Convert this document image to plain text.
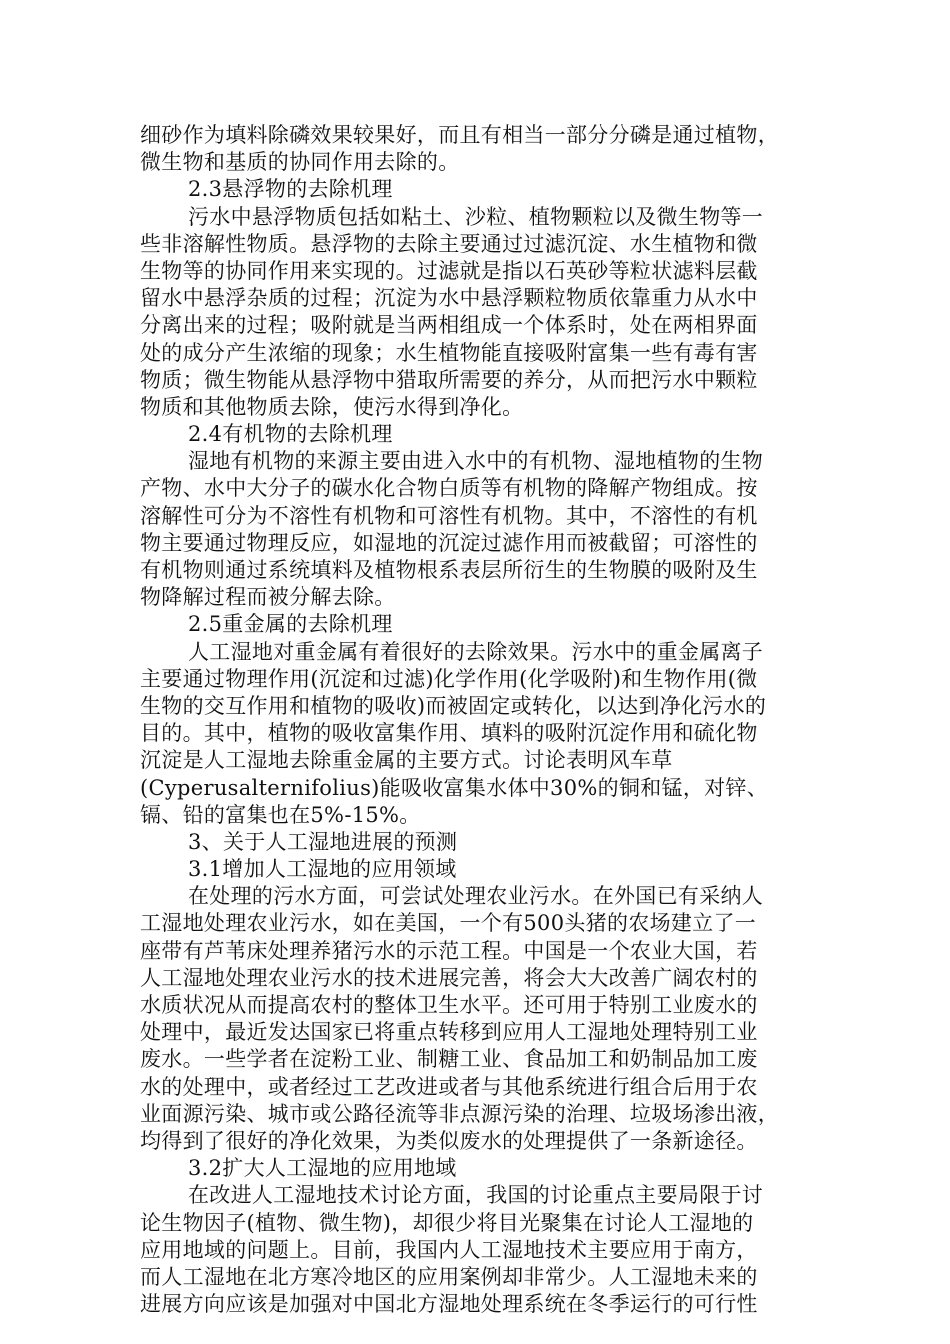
细砂作为填料除磷效果较果好，而且有相当一部分分磷是通过植物，
微生物和基质的协同作用去除的。
2.3悬浮物的去除机理
污水中悬浮物质包括如粘土、沙粒、植物颗粒以及微生物等一
些非溶解性物质。悬浮物的去除主要通过过滤沉淀、水生植物和微
生物等的协同作用来实现的。过滤就是指以石英砂等粒状滤料层截
留水中悬浮杂质的过程；沉淀为水中悬浮颗粒物质依靠重力从水中
分离出来的过程；吸附就是当两相组成一个体系时，处在两相界面
处的成分产生浓缩的现象；水生植物能直接吸附富集一些有毒有害
物质；微生物能从悬浮物中猎取所需要的养分，从而把污水中颗粒
物质和其他物质去除，使污水得到净化。
2.4有机物的去除机理
湿地有机物的来源主要由进入水中的有机物、湿地植物的生物
产物、水中大分子的碳水化合物白质等有机物的降解产物组成。按
溶解性可分为不溶性有机物和可溶性有机物。其中，不溶性的有机
物主要通过物理反应，如湿地的沉淀过滤作用而被截留；可溶性的
有机物则通过系统填料及植物根系表层所衍生的生物膜的吸附及生
物降解过程而被分解去除。
2.5重金属的去除机理
人工湿地对重金属有着很好的去除效果。污水中的重金属离子
主要通过物理作用(沉淀和过滤)化学作用(化学吸附)和生物作用(微
生物的交互作用和植物的吸收)而被固定或转化，以达到净化污水的
目的。其中，植物的吸收富集作用、填料的吸附沉淀作用和硫化物
沉淀是人工湿地去除重金属的主要方式。讨论表明风车草
(Cyperusalternifolius)能吸收富集水体中30%的铜和锰，对锌、
镉、铅的富集也在5%-15%。
3、关于人工湿地进展的预测
3.1增加人工湿地的应用领域
在处理的污水方面，可尝试处理农业污水。在外国已有采纳人
工湿地处理农业污水，如在美国，一个有500头猪的农场建立了一
座带有芦苇床处理养猪污水的示范工程。中国是一个农业大国，若
人工湿地处理农业污水的技术进展完善，将会大大改善广阔农村的
水质状况从而提高农村的整体卫生水平。还可用于特别工业废水的
处理中，最近发达国家已将重点转移到应用人工湿地处理特别工业
废水。一些学者在淀粉工业、制糖工业、食品加工和奶制品加工废
水的处理中，或者经过工艺改进或者与其他系统进行组合后用于农
业面源污染、城市或公路径流等非点源污染的治理、垃圾场渗出液，
均得到了很好的净化效果，为类似废水的处理提供了一条新途径。
3.2扩大人工湿地的应用地域
在改进人工湿地技术讨论方面，我国的讨论重点主要局限于讨
论生物因子(植物、微生物)，却很少将目光聚集在讨论人工湿地的
应用地域的问题上。目前，我国内人工湿地技术主要应用于南方，
而人工湿地在北方寒冷地区的应用案例却非常少。人工湿地未来的
进展方向应该是加强对中国北方湿地处理系统在冬季运行的可行性
